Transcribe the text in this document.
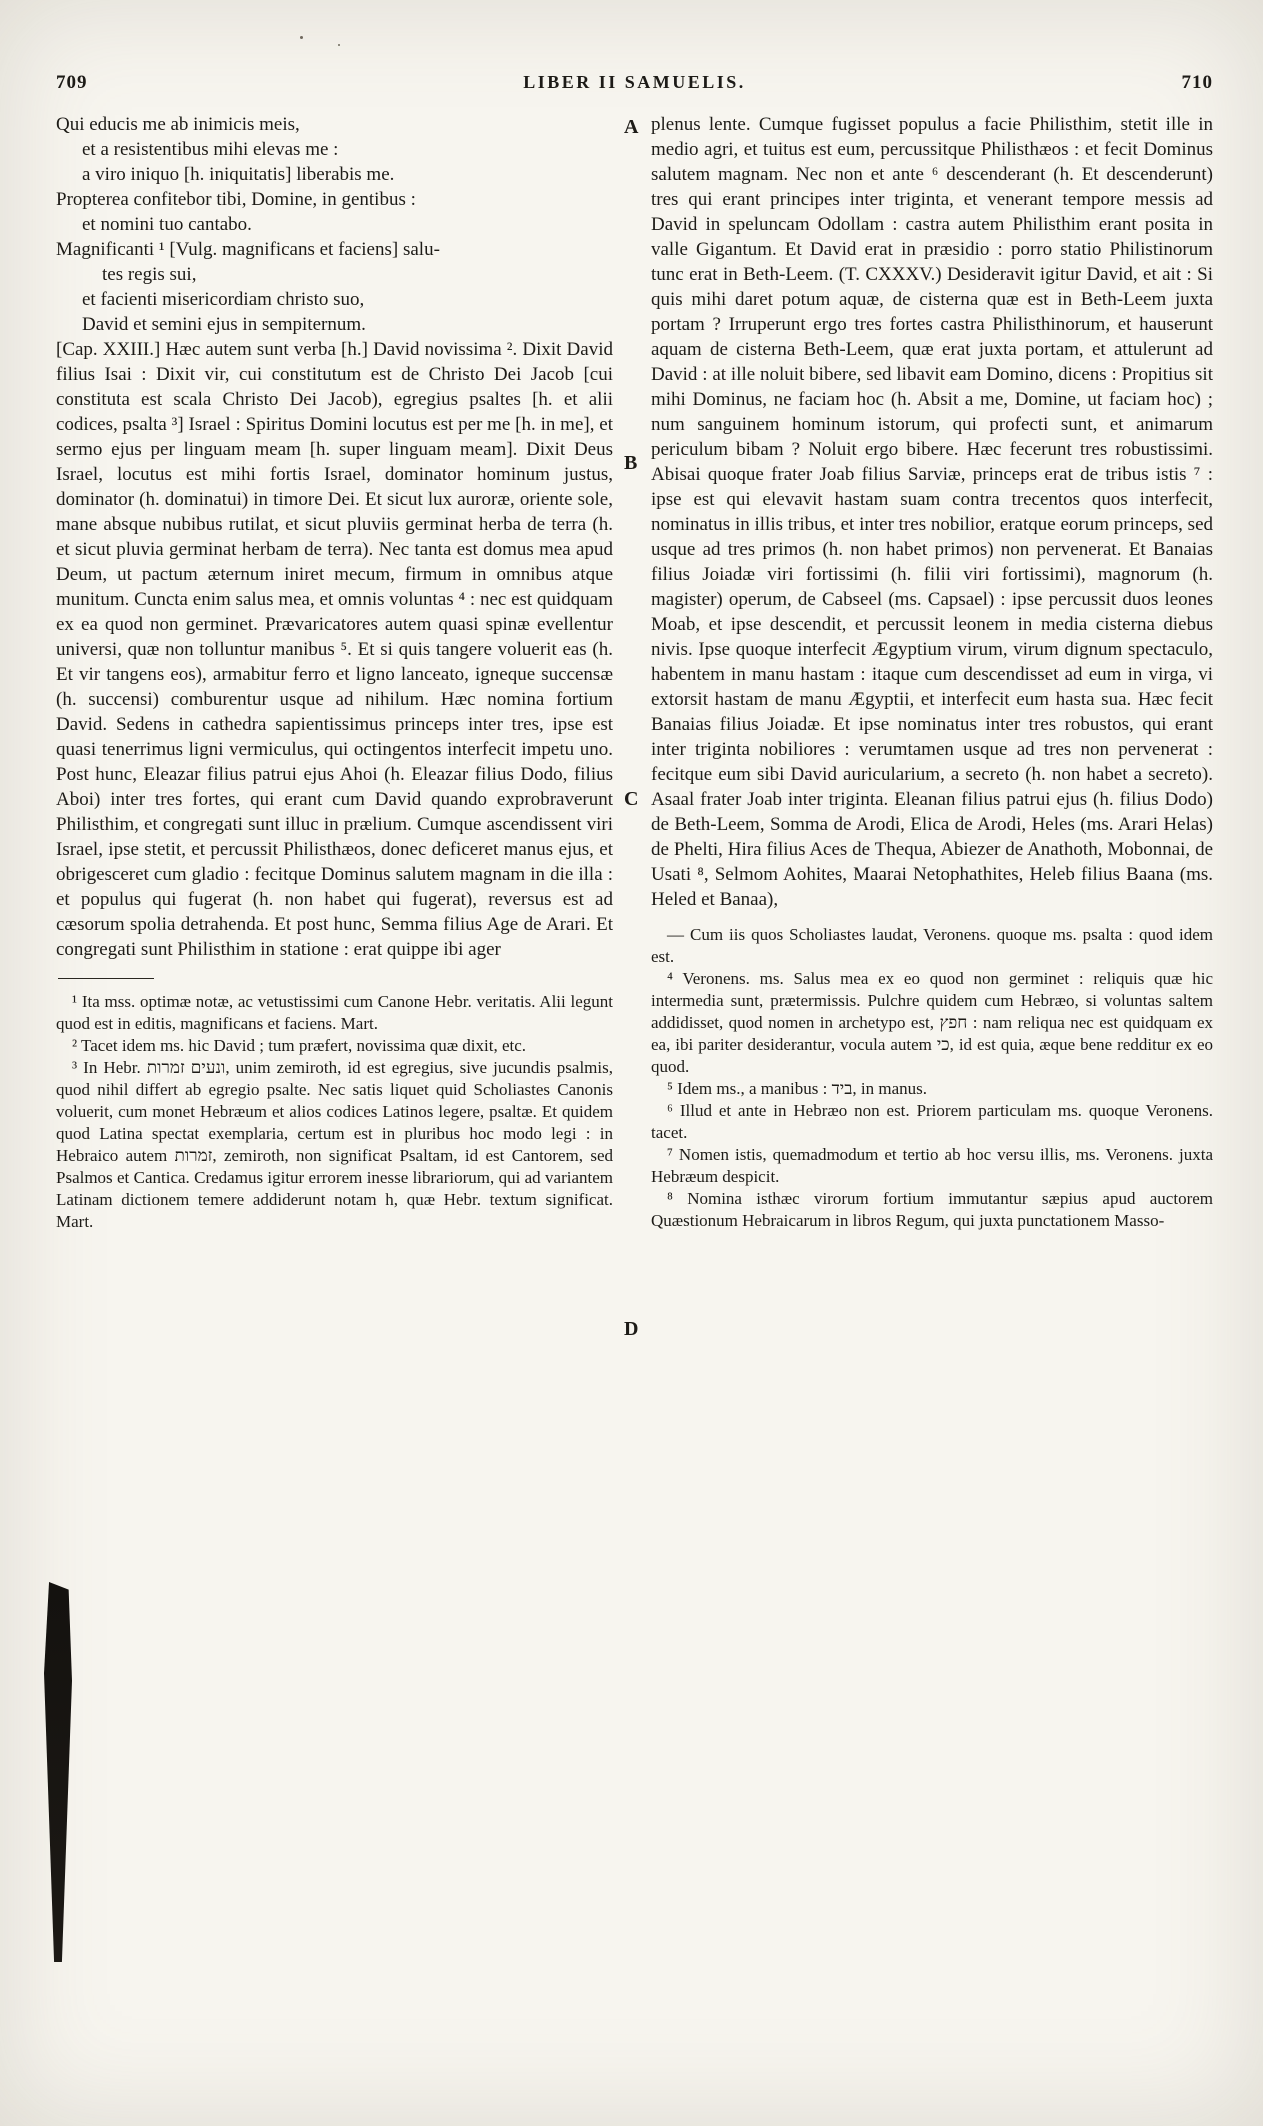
709	LIBER II SAMUELIS.	710
Qui educis me ab inimicis meis,
et a resistentibus mihi elevas me :
a viro iniquo [h. iniquitatis] liberabis me.
Propterea confitebor tibi, Domine, in gentibus :
et nomini tuo cantabo.
Magnificanti ¹ [Vulg. magnificans et faciens] salu-
tes regis sui,
et facienti misericordiam christo suo,
David et semini ejus in sempiternum.
[Cap. XXIII.] Hæc autem sunt verba [h.] David novissima ². Dixit David filius Isai : Dixit vir, cui constitutum est de Christo Dei Jacob [cui constituta est scala Christo Dei Jacob), egregius psaltes [h. et alii codices, psalta ³] Israel : Spiritus Domini locutus est per me [h. in me], et sermo ejus per linguam meam [h. super linguam meam]. Dixit Deus Israel, locutus est mihi fortis Israel, dominator hominum justus, dominator (h. dominatui) in timore Dei. Et sicut lux auroræ, oriente sole, mane absque nubibus rutilat, et sicut pluviis germinat herba de terra (h. et sicut pluvia germinat herbam de terra). Nec tanta est domus mea apud Deum, ut pactum æternum iniret mecum, firmum in omnibus atque munitum. Cuncta enim salus mea, et omnis voluntas ⁴ : nec est quidquam ex ea quod non germinet. Prævaricatores autem quasi spinæ evellentur universi, quæ non tolluntur manibus ⁵. Et si quis tangere voluerit eas (h. Et vir tangens eos), armabitur ferro et ligno lanceato, igneque succensæ (h. succensi) comburentur usque ad nihilum. Hæc nomina fortium David. Sedens in cathedra sapientissimus princeps inter tres, ipse est quasi tenerrimus ligni vermiculus, qui octingentos interfecit impetu uno. Post hunc, Eleazar filius patrui ejus Ahoi (h. Eleazar filius Dodo, filius Aboi) inter tres fortes, qui erant cum David quando exprobraverunt Philisthim, et congregati sunt illuc in prælium. Cumque ascendissent viri Israel, ipse stetit, et percussit Philisthæos, donec deficeret manus ejus, et obrigesceret cum gladio : fecitque Dominus salutem magnam in die illa : et populus qui fugerat (h. non habet qui fugerat), reversus est ad cæsorum spolia detrahenda. Et post hunc, Semma filius Age de Arari. Et congregati sunt Philisthim in statione : erat quippe ibi ager
¹ Ita mss. optimæ notæ, ac vetustissimi cum Canone Hebr. veritatis. Alii legunt quod est in editis, magnificans et faciens. Mart.
² Tacet idem ms. hic David ; tum præfert, novissima quæ dixit, etc.
³ In Hebr. ונעים זמרות, unim zemiroth, id est egregius, sive jucundis psalmis, quod nihil differt ab egregio psalte. Nec satis liquet quid Scholiastes Canonis voluerit, cum monet Hebræum et alios codices Latinos legere, psaltæ. Et quidem quod Latina spectat exemplaria, certum est in pluribus hoc modo legi : in Hebraico autem זמרות, zemiroth, non significat Psaltam, id est Cantorem, sed Psalmos et Cantica. Credamus igitur errorem inesse librariorum, qui ad variantem Latinam dictionem temere addiderunt notam h, quæ Hebr. textum significat. Mart.
plenus lente. Cumque fugisset populus a facie Philisthim, stetit ille in medio agri, et tuitus est eum, percussitque Philisthæos : et fecit Dominus salutem magnam. Nec non et ante ⁶ descenderant (h. Et descenderunt) tres qui erant principes inter triginta, et venerant tempore messis ad David in speluncam Odollam : castra autem Philisthim erant posita in valle Gigantum. Et David erat in præsidio : porro statio Philistinorum tunc erat in Beth-Leem. (T. CXXXV.) Desideravit igitur David, et ait : Si quis mihi daret potum aquæ, de cisterna quæ est in Beth-Leem juxta portam ? Irruperunt ergo tres fortes castra Philisthinorum, et hauserunt aquam de cisterna Beth-Leem, quæ erat juxta portam, et attulerunt ad David : at ille noluit bibere, sed libavit eam Domino, dicens : Propitius sit mihi Dominus, ne faciam hoc (h. Absit a me, Domine, ut faciam hoc) ; num sanguinem hominum istorum, qui profecti sunt, et animarum periculum bibam ? Noluit ergo bibere. Hæc fecerunt tres robustissimi. Abisai quoque frater Joab filius Sarviæ, princeps erat de tribus istis ⁷ : ipse est qui elevavit hastam suam contra trecentos quos interfecit, nominatus in illis tribus, et inter tres nobilior, eratque eorum princeps, sed usque ad tres primos (h. non habet primos) non pervenerat. Et Banaias filius Joiadæ viri fortissimi (h. filii viri fortissimi), magnorum (h. magister) operum, de Cabseel (ms. Capsael) : ipse percussit duos leones Moab, et ipse descendit, et percussit leonem in media cisterna diebus nivis. Ipse quoque interfecit Ægyptium virum, virum dignum spectaculo, habentem in manu hastam : itaque cum descendisset ad eum in virga, vi extorsit hastam de manu Ægyptii, et interfecit eum hasta sua. Hæc fecit Banaias filius Joiadæ. Et ipse nominatus inter tres robustos, qui erant inter triginta nobiliores : verumtamen usque ad tres non pervenerat : fecitque eum sibi David auricularium, a secreto (h. non habet a secreto). Asaal frater Joab inter triginta. Eleanan filius patrui ejus (h. filius Dodo) de Beth-Leem, Somma de Arodi, Elica de Arodi, Heles (ms. Arari Helas) de Phelti, Hira filius Aces de Thequa, Abiezer de Anathoth, Mobonnai, de Usati ⁸, Selmom Aohites, Maarai Netophathites, Heleb filius Baana (ms. Heled et Banaa),
— Cum iis quos Scholiastes laudat, Veronens. quoque ms. psalta : quod idem est.
⁴ Veronens. ms. Salus mea ex eo quod non germinet : reliquis quæ hic intermedia sunt, prætermissis. Pulchre quidem cum Hebræo, si voluntas saltem addidisset, quod nomen in archetypo est, חפץ : nam reliqua nec est quidquam ex ea, ibi pariter desiderantur, vocula autem כי, id est quia, æque bene redditur ex eo quod.
⁵ Idem ms., a manibus : ביד, in manus.
⁶ Illud et ante in Hebræo non est. Priorem particulam ms. quoque Veronens. tacet.
⁷ Nomen istis, quemadmodum et tertio ab hoc versu illis, ms. Veronens. juxta Hebræum despicit.
⁸ Nomina isthæc virorum fortium immutantur sæpius apud auctorem Quæstionum Hebraicarum in libros Regum, qui juxta punctationem Masso-
A
B
C
D
